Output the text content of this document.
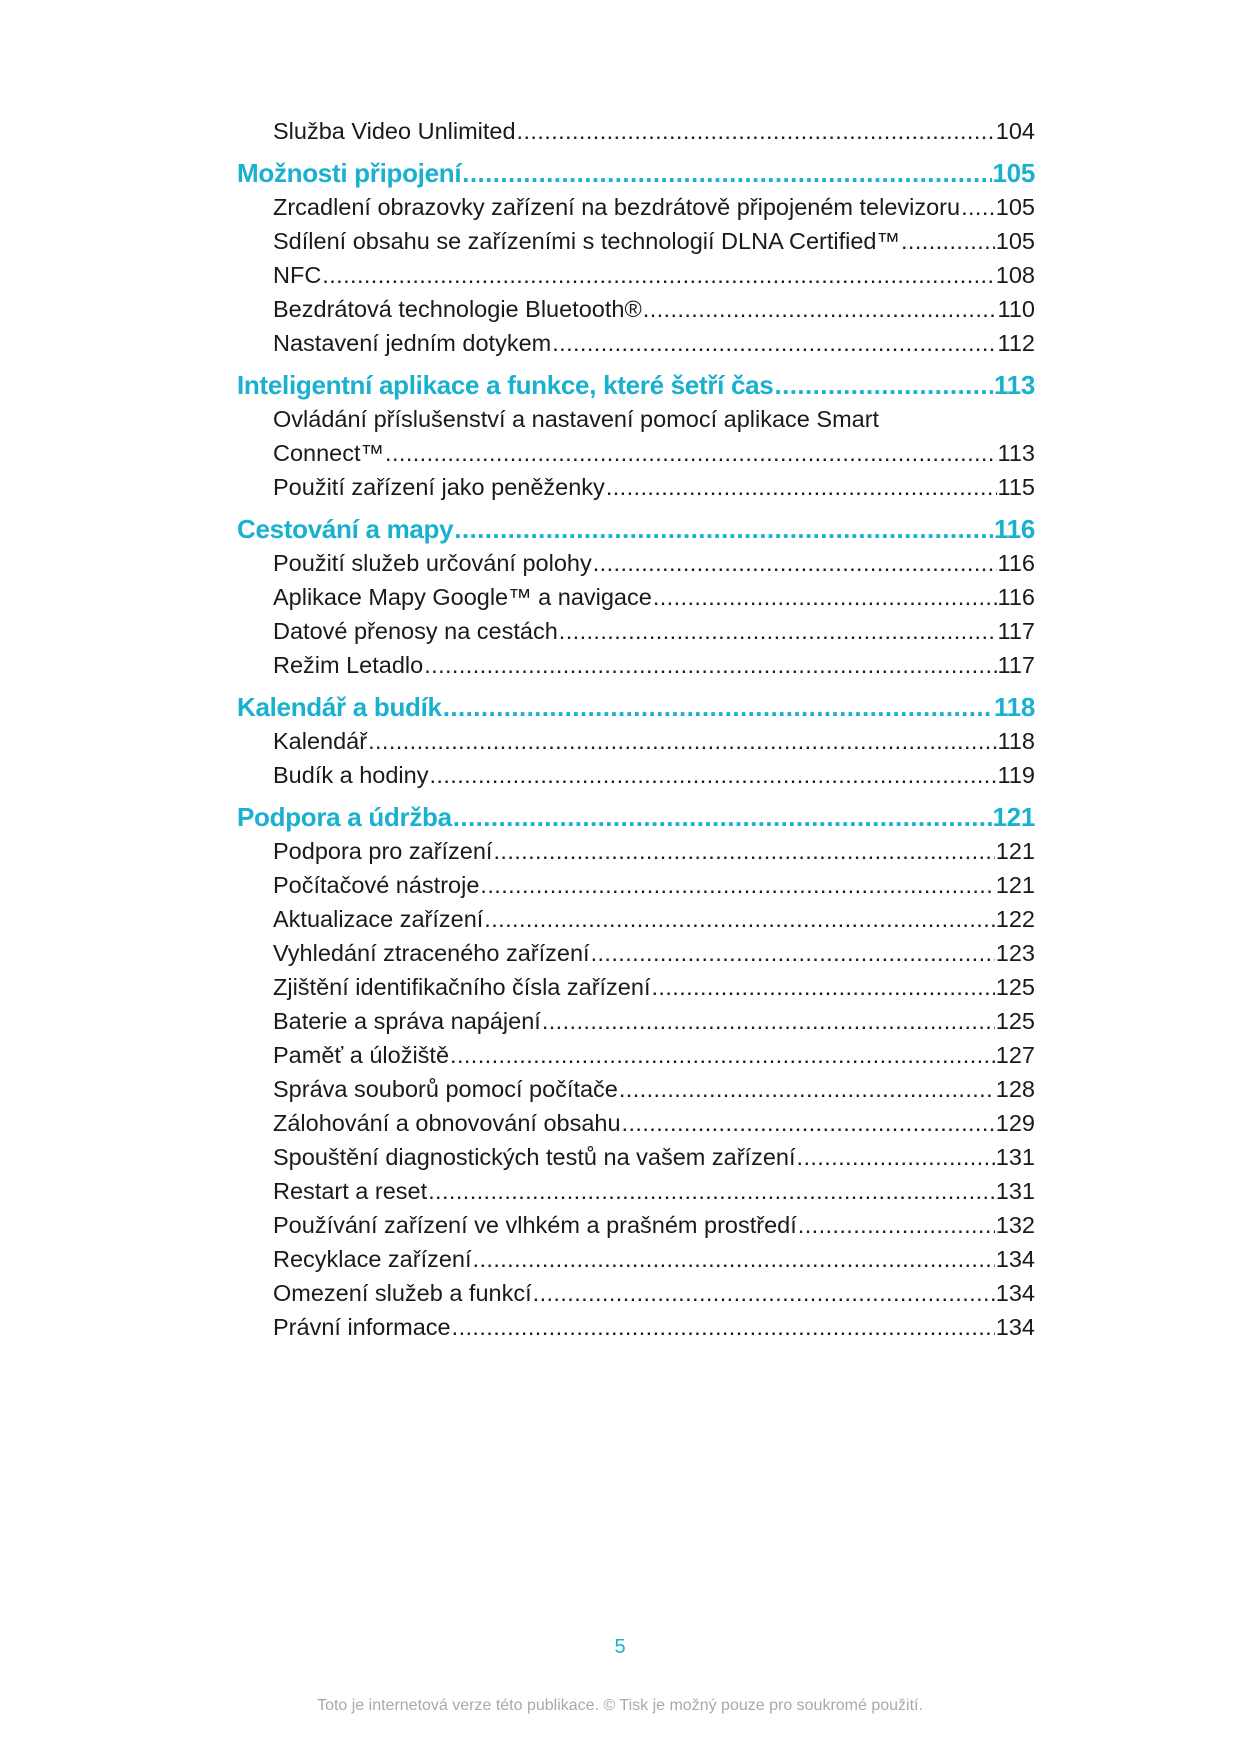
Služba Video Unlimited .....	104
Možnosti připojení .....	105
Zrcadlení obrazovky zařízení na bezdrátově připojeném televizoru ..... 105
Sdílení obsahu se zařízeními s technologií DLNA Certified™ .....	105
NFC .....	108
Bezdrátová technologie Bluetooth® .....	110
Nastavení jedním dotykem .....	112
Inteligentní aplikace a funkce, které šetří čas .....	113
Ovládání příslušenství a nastavení pomocí aplikace Smart
Connect™ .....	113
Použití zařízení jako peněženky .....	115
Cestování a mapy .....	116
Použití služeb určování polohy .....	116
Aplikace Mapy Google™ a navigace .....	116
Datové přenosy na cestách .....	117
Režim Letadlo .....	117
Kalendář a budík .....	118
Kalendář .....	118
Budík a hodiny .....	119
Podpora a údržba .....	121
Podpora pro zařízení .....	121
Počítačové nástroje .....	121
Aktualizace zařízení .....	122
Vyhledání ztraceného zařízení .....	123
Zjištění identifikačního čísla zařízení .....	125
Baterie a správa napájení .....	125
Paměť a úložiště .....	127
Správa souborů pomocí počítače .....	128
Zálohování a obnovování obsahu .....	129
Spouštění diagnostických testů na vašem zařízení .....	131
Restart a reset .....	131
Používání zařízení ve vlhkém a prašném prostředí .....	132
Recyklace zařízení .....	134
Omezení služeb a funkcí .....	134
Právní informace .....	134
5
Toto je internetová verze této publikace. © Tisk je možný pouze pro soukromé použití.
